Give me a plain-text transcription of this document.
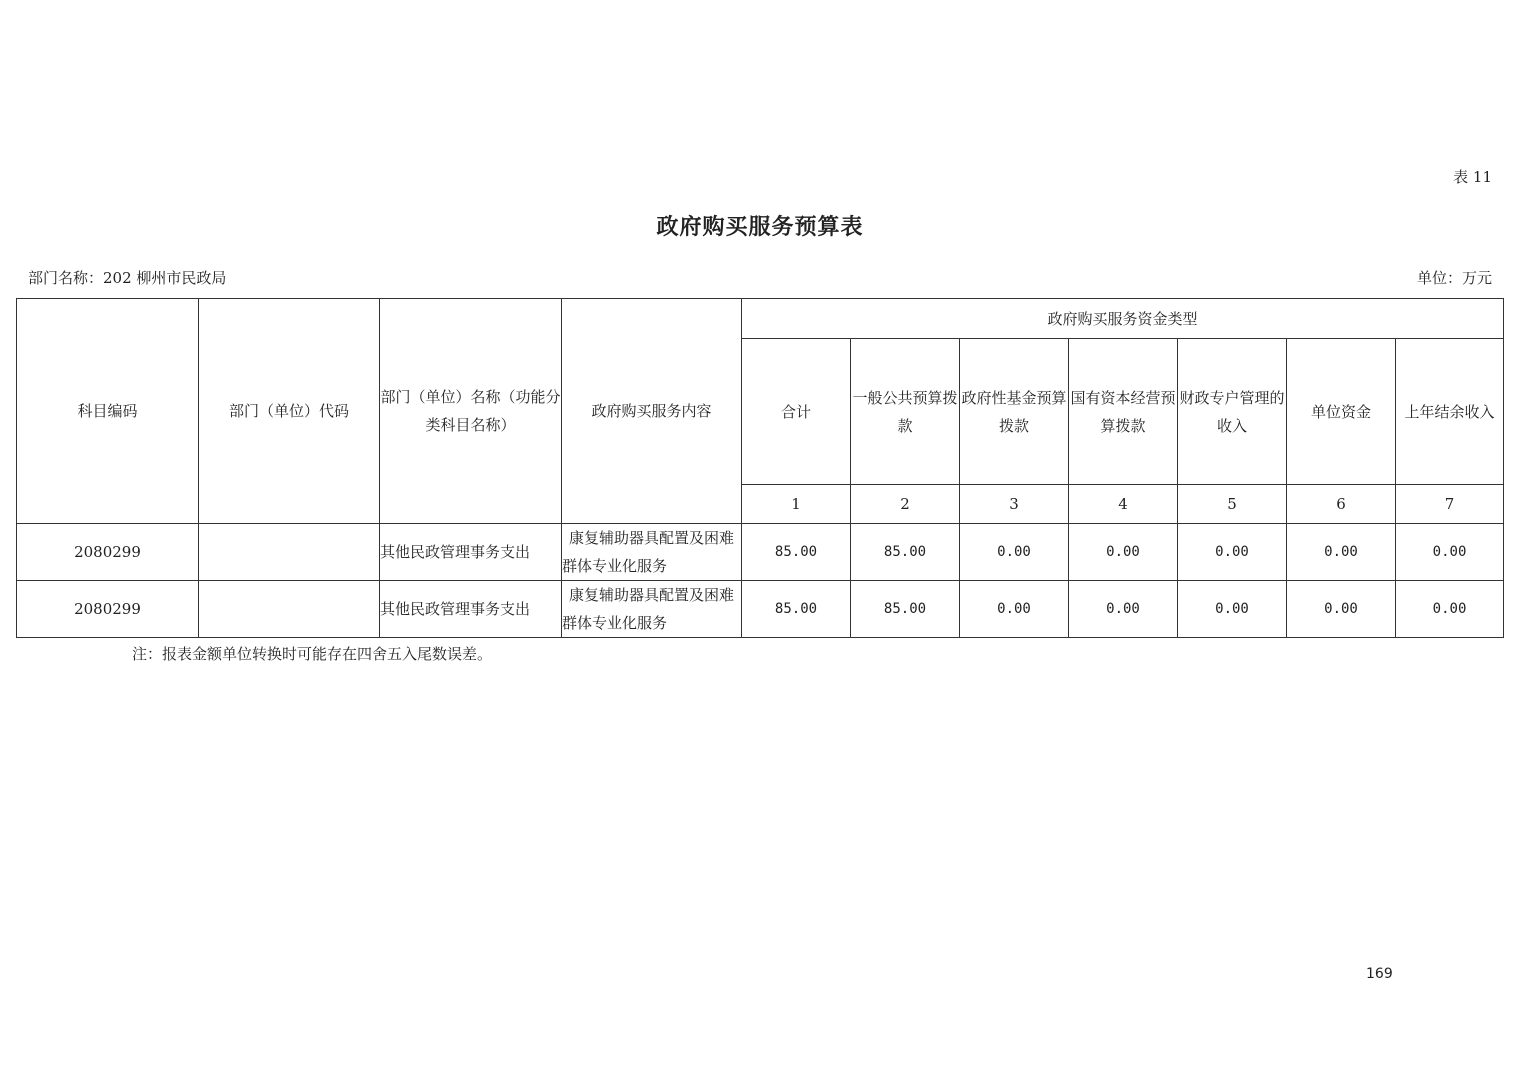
表 11
政府购买服务预算表
部门名称：202 柳州市民政局	单位：万元
科目编码	部门（单位）代码	部门（单位）名称（功能分类科目名称）	政府购买服务内容	政府购买服务资金类型						
				合计	一般公共预算拨款	政府性基金预算拨款	国有资本经营预算拨款	财政专户管理的收入	单位资金	上年结余收入
				1	2	3	4	5	6	7
2080299		其他民政管理事务支出	康复辅助器具配置及困难群体专业化服务	85.00	85.00	0.00	0.00	0.00	0.00	0.00
2080299		其他民政管理事务支出	康复辅助器具配置及困难群体专业化服务	85.00	85.00	0.00	0.00	0.00	0.00	0.00
注：报表金额单位转换时可能存在四舍五入尾数误差。
169
